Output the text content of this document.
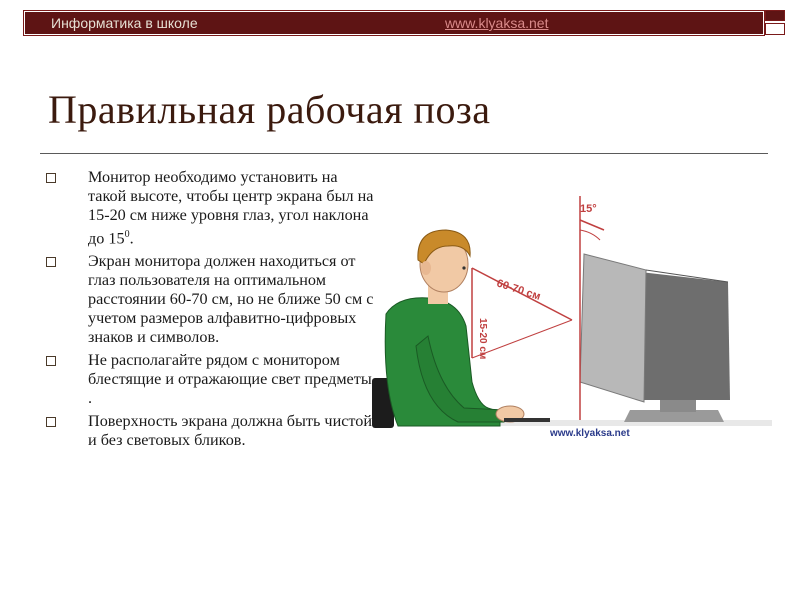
Информатика в школе	www.klyaksa.net
Правильная рабочая поза
Монитор необходимо установить на такой высоте, чтобы центр экрана был на 15-20 см ниже уровня глаз, угол наклона до $15^0$.
Экран монитора должен находиться от глаз пользователя на оптимальном расстоянии 60-70 см, но не ближе 50 см с учетом размеров алфавитно-цифровых знаков и символов.
Не располагайте рядом с монитором блестящие и отражающие свет предметы .
Поверхность экрана должна быть чистой и без световых бликов.
15°
60-70 см
15-20 см
www.klyaksa.net
